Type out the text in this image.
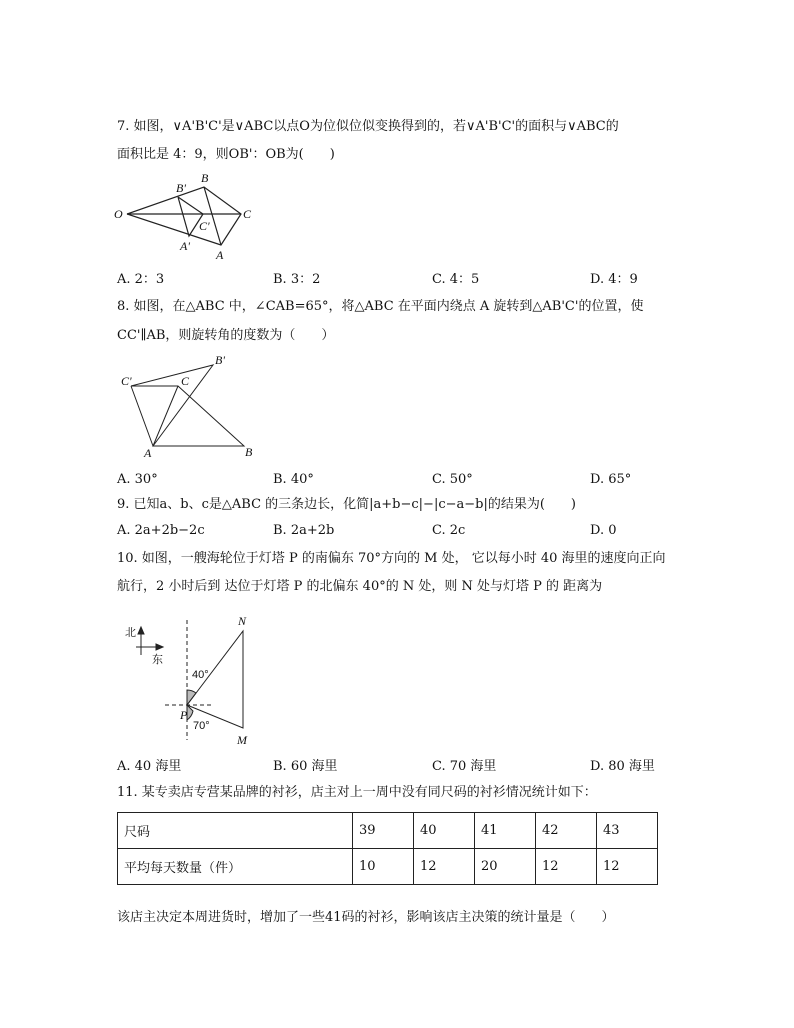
7. 如图，∨A'B'C'是∨ABC以点O为位似位似变换得到的，若∨A'B'C'的面积与∨ABC的
面积比是 4：9，则OB'：OB为(　　)
A. 2：3	B. 3：2	C. 4：5	D. 4：9
8. 如图，在△ABC 中，∠CAB=65°，将△ABC 在平面内绕点 A 旋转到△AB'C'的位置，使
CC'∥AB，则旋转角的度数为（　　）
A. 30°	B. 40°	C. 50°	D. 65°
9. 已知a、b、c是△ABC 的三条边长，化简|a+b−c|−|c−a−b|的结果为(　　)
A. 2a+2b−2c	B. 2a+2b	C. 2c	D. 0
10. 如图，一艘海轮位于灯塔 P 的南偏东 70°方向的 M 处， 它以每小时 40 海里的速度向正向
航行，2 小时后到 达位于灯塔 P 的北偏东 40°的 N 处，则 N 处与灯塔 P 的 距离为
A. 40 海里	B. 60 海里	C. 70 海里	D. 80 海里
11. 某专卖店专营某品牌的衬衫，店主对上一周中没有同尺码的衬衫情况统计如下：
尺码	39	40	41	42	43
平均每天数量（件）	10	12	20	12	12
该店主决定本周进货时，增加了一些41码的衬衫，影响该店主决策的统计量是（　　）
O
B'
B
C
C'
A'
A
C'	C
B'
A	B
北
东
N
P
M
40°
70°
